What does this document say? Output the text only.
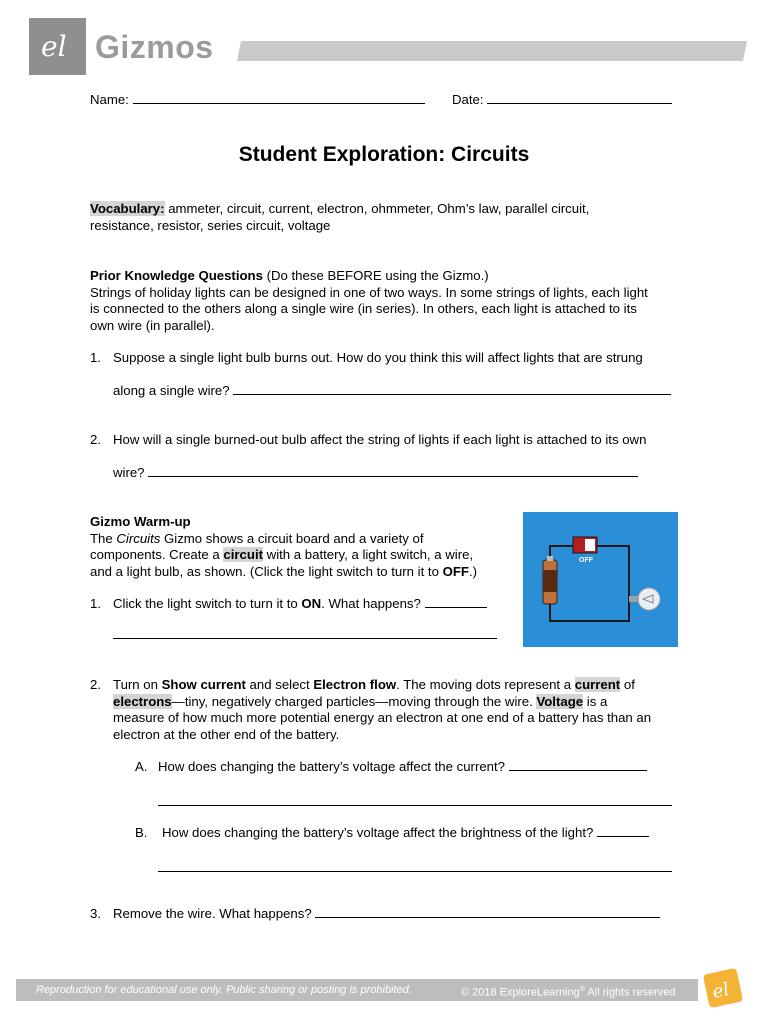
el Gizmos
Name:	Date:
Student Exploration: Circuits
Vocabulary: ammeter, circuit, current, electron, ohmmeter, Ohm’s law, parallel circuit,
resistance, resistor, series circuit, voltage
Prior Knowledge Questions (Do these BEFORE using the Gizmo.)
Strings of holiday lights can be designed in one of two ways. In some strings of lights, each light
is connected to the others along a single wire (in series). In others, each light is attached to its
own wire (in parallel).
1. Suppose a single light bulb burns out. How do you think this will affect lights that are strung
along a single wire?
2. How will a single burned-out bulb affect the string of lights if each light is attached to its own
wire?
Gizmo Warm-up
The Circuits Gizmo shows a circuit board and a variety of
components. Create a circuit with a battery, a light switch, a wire,
and a light bulb, as shown. (Click the light switch to turn it to OFF.)
1. Click the light switch to turn it to ON. What happens?
OFF
2. Turn on Show current and select Electron flow. The moving dots represent a current of
electrons—tiny, negatively charged particles—moving through the wire. Voltage is a
measure of how much more potential energy an electron at one end of a battery has than an
electron at the other end of the battery.
A. How does changing the battery’s voltage affect the current?
B. How does changing the battery’s voltage affect the brightness of the light?
3. Remove the wire. What happens?
Reproduction for educational use only. Public sharing or posting is prohibited.	© 2018 ExploreLearning® All rights reserved el
